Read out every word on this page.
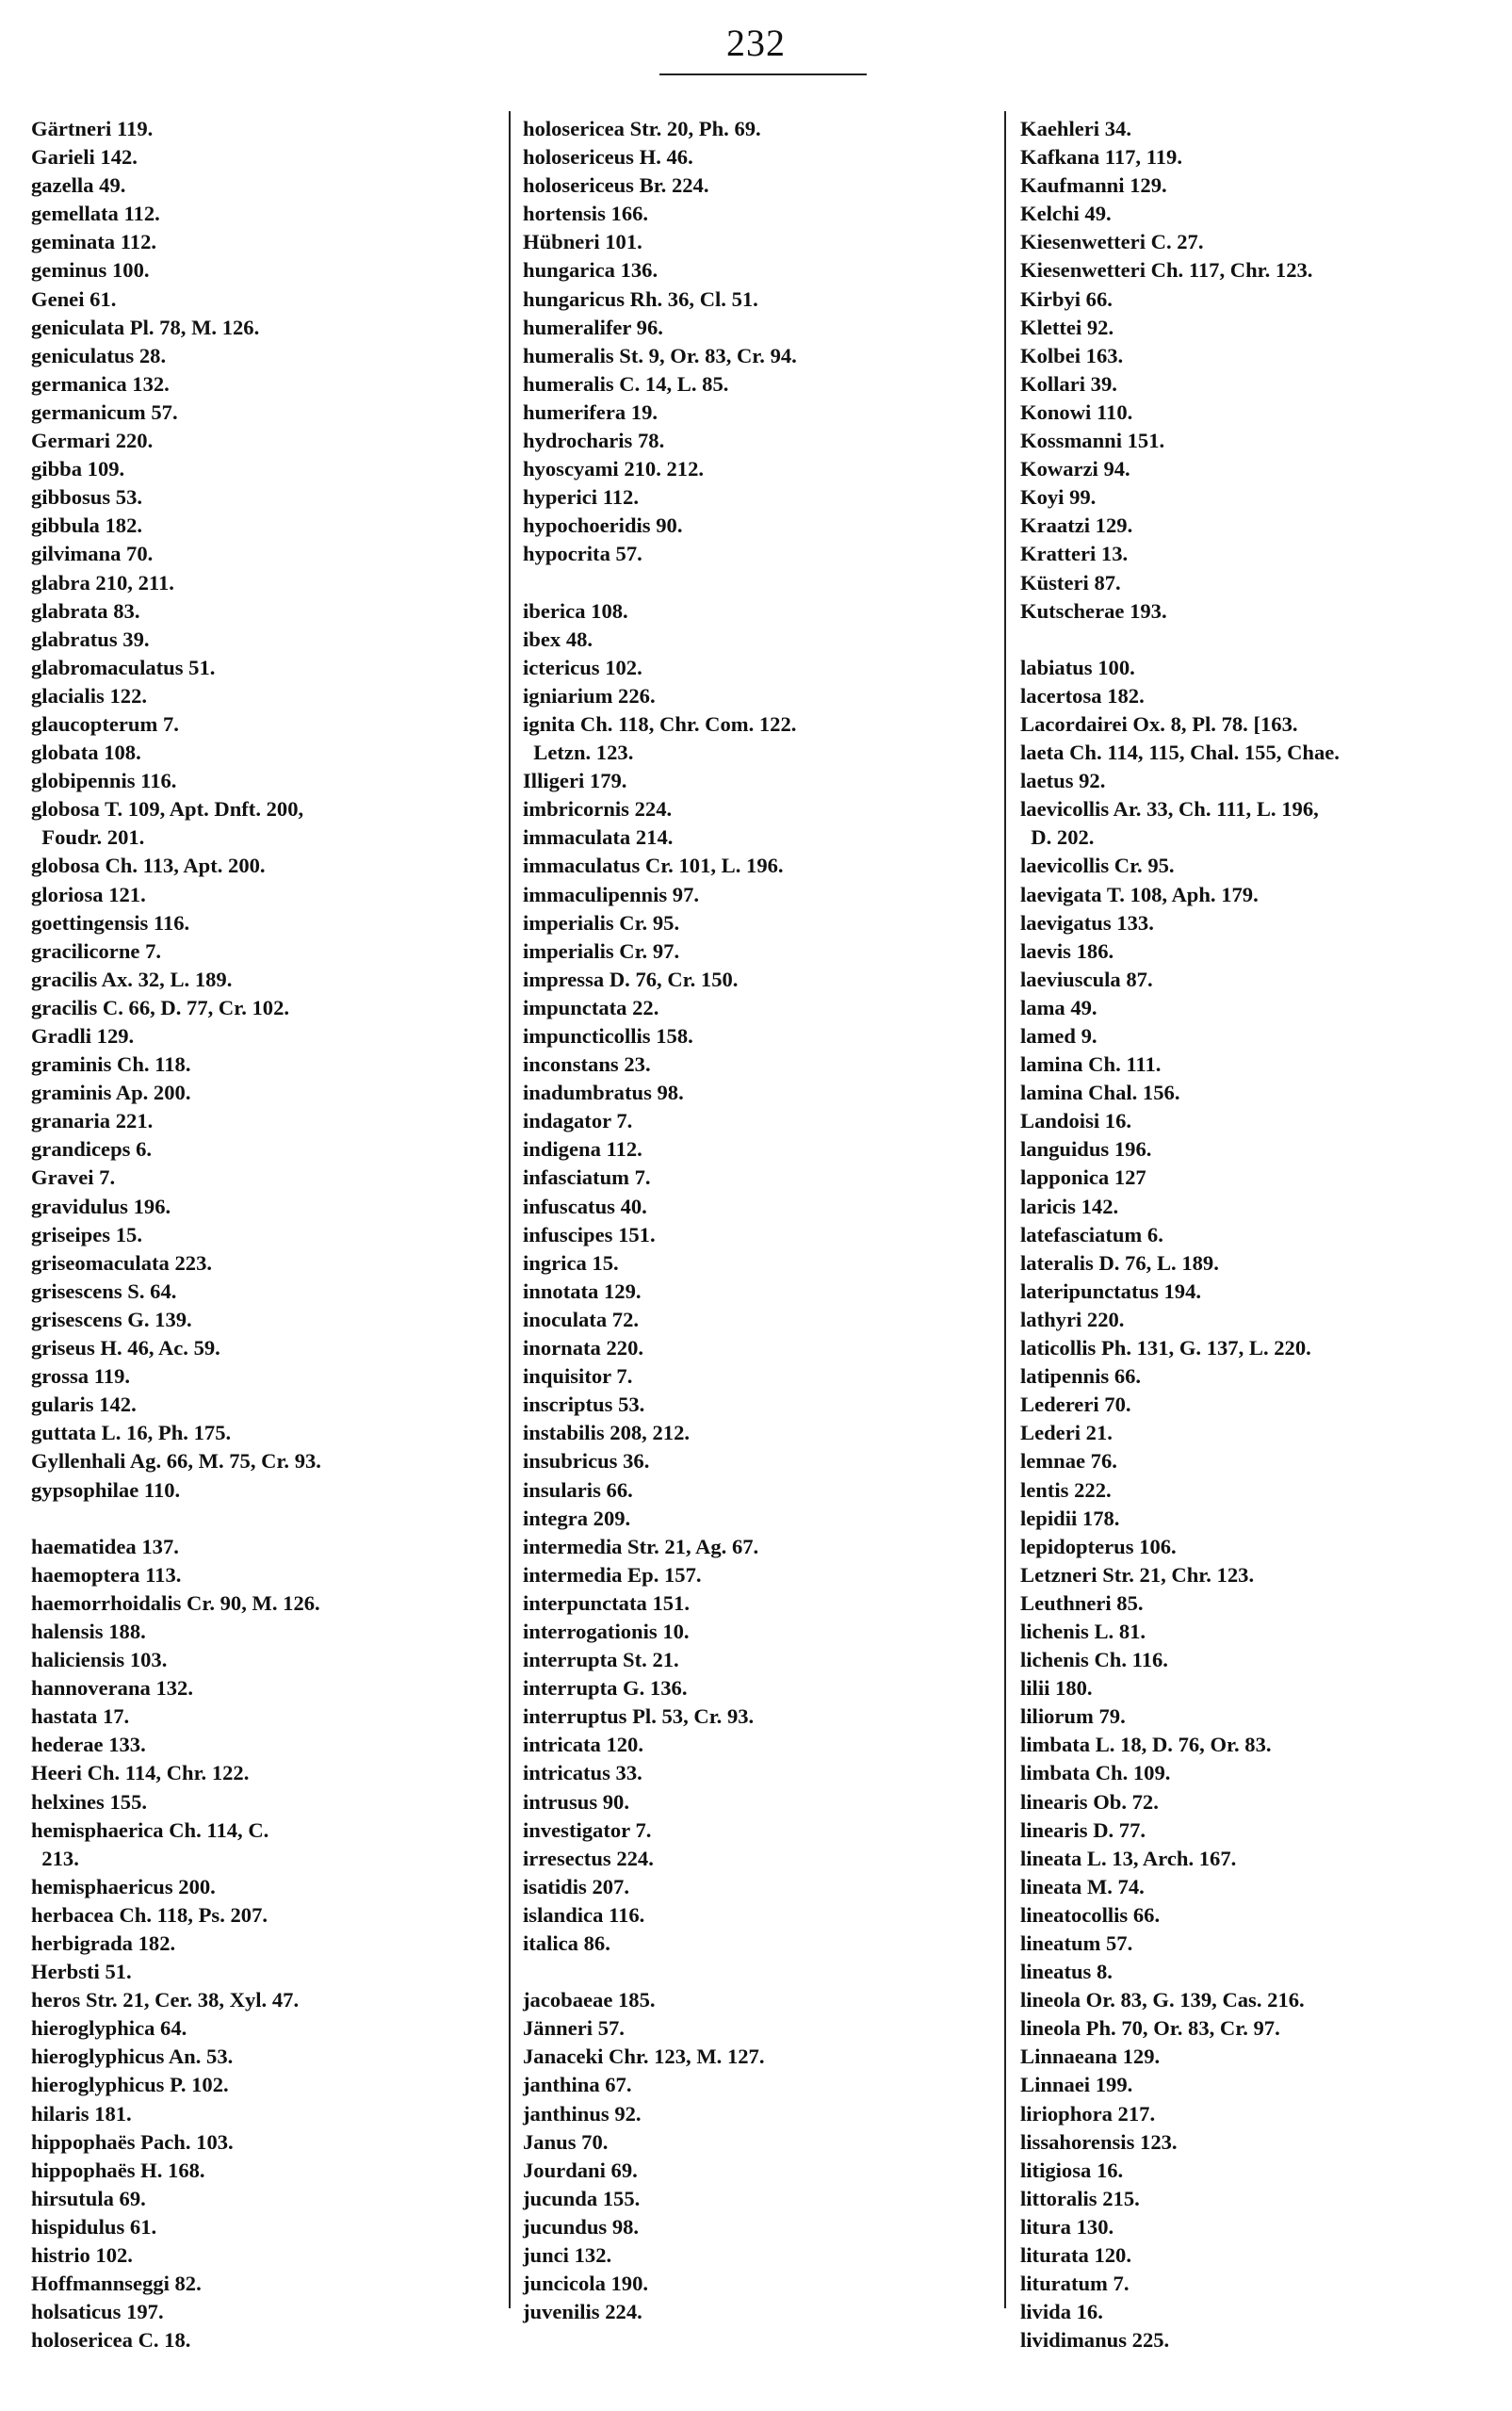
232
Gärtneri 119.
Garieli 142.
gazella 49.
gemellata 112.
geminata 112.
geminus 100.
Genei 61.
geniculata Pl. 78, M. 126.
geniculatus 28.
germanica 132.
germanicum 57.
Germari 220.
gibba 109.
gibbosus 53.
gibbula 182.
gilvimana 70.
glabra 210, 211.
glabrata 83.
glabratus 39.
glabromaculatus 51.
glacialis 122.
glaucopterum 7.
globata 108.
globipennis 116.
globosa T. 109, Apt. Dnft. 200,
Foudr. 201.
globosa Ch. 113, Apt. 200.
gloriosa 121.
goettingensis 116.
gracilicorne 7.
gracilis Ax. 32, L. 189.
gracilis C. 66, D. 77, Cr. 102.
Gradli 129.
graminis Ch. 118.
graminis Ap. 200.
granaria 221.
grandiceps 6.
Gravei 7.
gravidulus 196.
griseipes 15.
griseomaculata 223.
grisescens S. 64.
grisescens G. 139.
griseus H. 46, Ac. 59.
grossa 119.
gularis 142.
guttata L. 16, Ph. 175.
Gyllenhali Ag. 66, M. 75, Cr. 93.
gypsophilae 110.

haematidea 137.
haemoptera 113.
haemorrhoidalis Cr. 90, M. 126.
halensis 188.
haliciensis 103.
hannoverana 132.
hastata 17.
hederae 133.
Heeri Ch. 114, Chr. 122.
helxines 155.
hemisphaerica Ch. 114, C.
213.
hemisphaericus 200.
herbacea Ch. 118, Ps. 207.
herbigrada 182.
Herbsti 51.
heros Str. 21, Cer. 38, Xyl. 47.
hieroglyphica 64.
hieroglyphicus An. 53.
hieroglyphicus P. 102.
hilaris 181.
hippophaës Pach. 103.
hippophaës H. 168.
hirsutula 69.
hispidulus 61.
histrio 102.
Hoffmannseggi 82.
holsaticus 197.
holosericea C. 18.
holosericea Str. 20, Ph. 69.
holosericeus H. 46.
holosericeus Br. 224.
hortensis 166.
Hübneri 101.
hungarica 136.
hungaricus Rh. 36, Cl. 51.
humeralifer 96.
humeralis St. 9, Or. 83, Cr. 94.
humeralis C. 14, L. 85.
humerifera 19.
hydrocharis 78.
hyoscyami 210. 212.
hyperici 112.
hypochoeridis 90.
hypocrita 57.

iberica 108.
ibex 48.
ictericus 102.
igniarium 226.
ignita Ch. 118, Chr. Com. 122.
Letzn. 123.
Illigeri 179.
imbricornis 224.
immaculata 214.
immaculatus Cr. 101, L. 196.
immaculipennis 97.
imperialis Cr. 95.
imperialis Cr. 97.
impressa D. 76, Cr. 150.
impunctata 22.
impuncticollis 158.
inconstans 23.
inadumbratus 98.
indagator 7.
indigena 112.
infasciatum 7.
infuscatus 40.
infuscipes 151.
ingrica 15.
innotata 129.
inoculata 72.
inornata 220.
inquisitor 7.
inscriptus 53.
instabilis 208, 212.
insubricus 36.
insularis 66.
integra 209.
intermedia Str. 21, Ag. 67.
intermedia Ep. 157.
interpunctata 151.
interrogationis 10.
interrupta St. 21.
interrupta G. 136.
interruptus Pl. 53, Cr. 93.
intricata 120.
intricatus 33.
intrusus 90.
investigator 7.
irresectus 224.
isatidis 207.
islandica 116.
italica 86.

jacobaeae 185.
Jänneri 57.
Janaceki Chr. 123, M. 127.
janthina 67.
janthinus 92.
Janus 70.
Jourdani 69.
jucunda 155.
jucundus 98.
junci 132.
juncicola 190.
juvenilis 224.
Kaehleri 34.
Kafkana 117, 119.
Kaufmanni 129.
Kelchi 49.
Kiesenwetteri C. 27.
Kiesenwetteri Ch. 117, Chr. 123.
Kirbyi 66.
Klettei 92.
Kolbei 163.
Kollari 39.
Konowi 110.
Kossmanni 151.
Kowarzi 94.
Koyi 99.
Kraatzi 129.
Kratteri 13.
Küsteri 87.
Kutscherae 193.

labiatus 100.
lacertosa 182.
Lacordairei Ox. 8, Pl. 78. [163.
laeta Ch. 114, 115, Chal. 155, Chae.
laetus 92.
laevicollis Ar. 33, Ch. 111, L. 196,
D. 202.
laevicollis Cr. 95.
laevigata T. 108, Aph. 179.
laevigatus 133.
laevis 186.
laeviuscula 87.
lama 49.
lamed 9.
lamina Ch. 111.
lamina Chal. 156.
Landoisi 16.
languidus 196.
lapponica 127
laricis 142.
latefasciatum 6.
lateralis D. 76, L. 189.
lateripunctatus 194.
lathyri 220.
laticollis Ph. 131, G. 137, L. 220.
latipennis 66.
Ledereri 70.
Lederi 21.
lemnae 76.
lentis 222.
lepidii 178.
lepidopterus 106.
Letzneri Str. 21, Chr. 123.
Leuthneri 85.
lichenis L. 81.
lichenis Ch. 116.
lilii 180.
liliorum 79.
limbata L. 18, D. 76, Or. 83.
limbata Ch. 109.
linearis Ob. 72.
linearis D. 77.
lineata L. 13, Arch. 167.
lineata M. 74.
lineatocollis 66.
lineatum 57.
lineatus 8.
lineola Or. 83, G. 139, Cas. 216.
lineola Ph. 70, Or. 83, Cr. 97.
Linnaeana 129.
Linnaei 199.
liriophora 217.
lissahorensis 123.
litigiosa 16.
littoralis 215.
litura 130.
liturata 120.
lituratum 7.
livida 16.
lividimanus 225.
